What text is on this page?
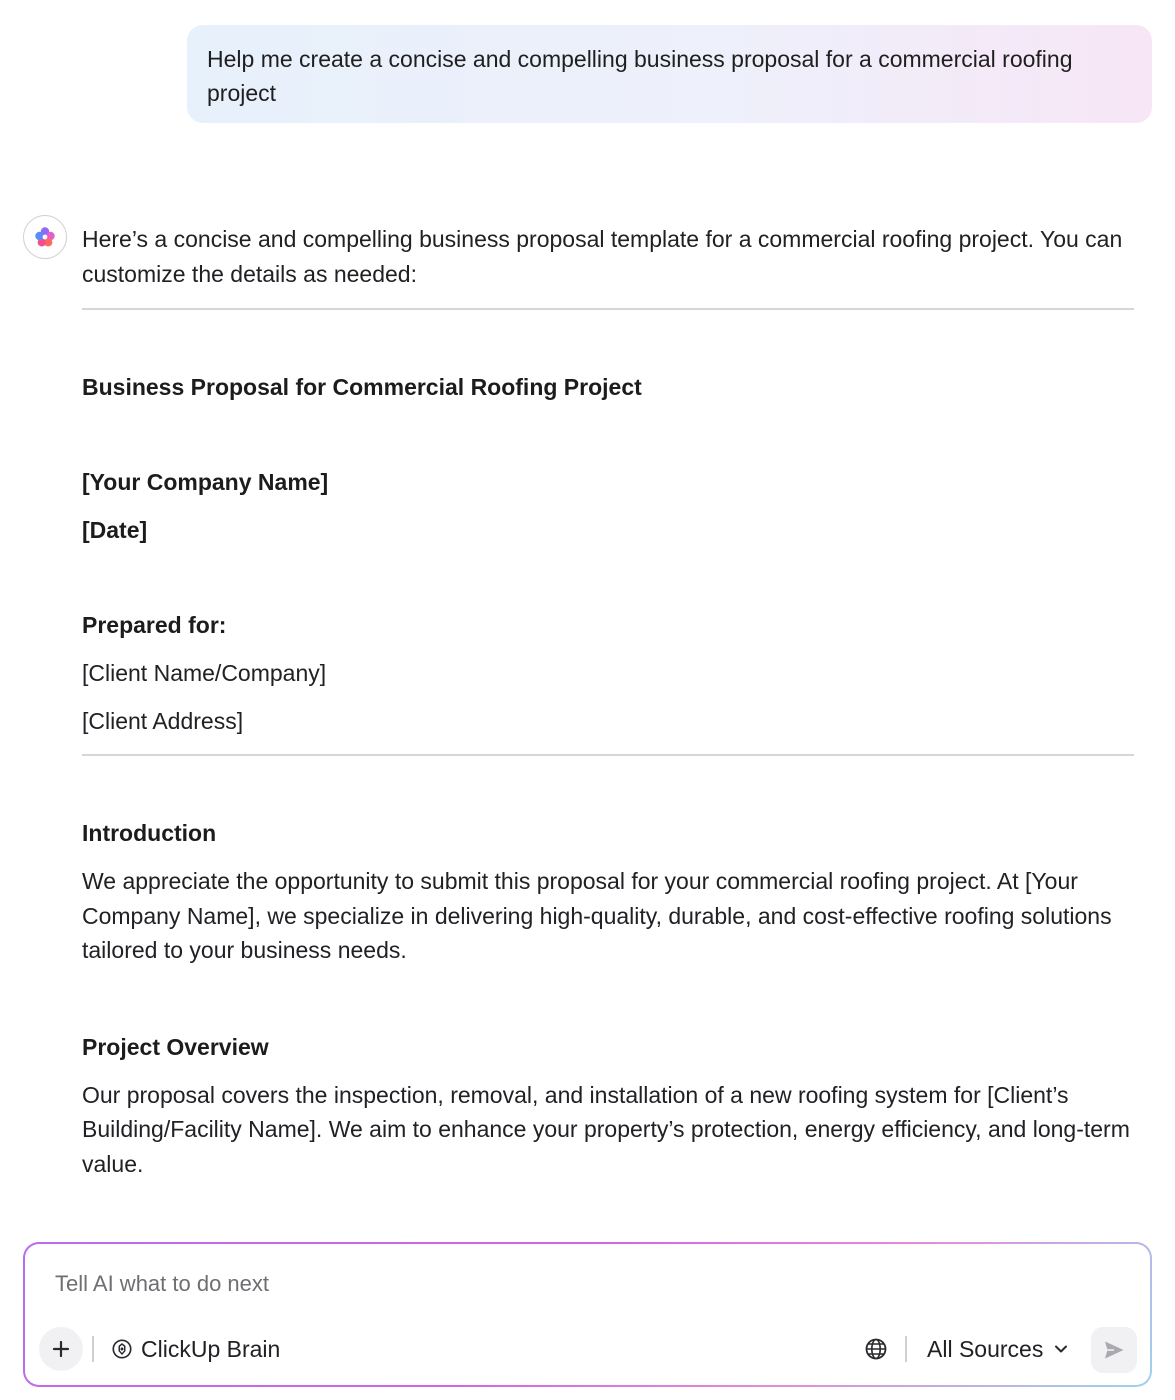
Help me create a concise and compelling business proposal for a commercial roofing project

Here’s a concise and compelling business proposal template for a commercial roofing project. You can customize the details as needed:

Business Proposal for Commercial Roofing Project

[Your Company Name]

[Date]

Prepared for:

[Client Name/Company]

[Client Address]

Introduction

We appreciate the opportunity to submit this proposal for your commercial roofing project. At [Your Company Name], we specialize in delivering high-quality, durable, and cost-effective roofing solutions tailored to your business needs.

Project Overview

Our proposal covers the inspection, removal, and installation of a new roofing system for [Client’s Building/Facility Name]. We aim to enhance your property’s protection, energy efficiency, and long-term value.

Tell AI what to do next
ClickUp Brain	All Sources
